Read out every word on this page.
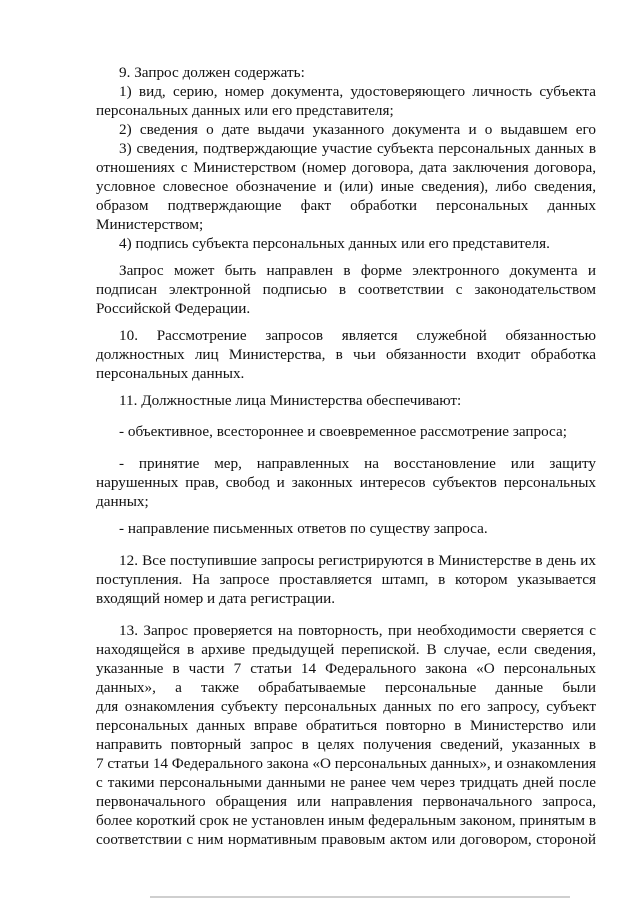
9. Запрос должен содержать:
1) вид, серию, номер документа, удостоверяющего личность субъекта
персональных данных или его представителя;
2) сведения о дате выдачи указанного документа и о выдавшем его
3) сведения, подтверждающие участие субъекта персональных данных в
отношениях с Министерством (номер договора, дата заключения договора,
условное словесное обозначение и (или) иные сведения), либо сведения,
образом подтверждающие факт обработки персональных данных
Министерством;
4) подпись субъекта персональных данных или его представителя.
Запрос может быть направлен в форме электронного документа и
подписан электронной подписью в соответствии с законодательством
Российской Федерации.
10. Рассмотрение запросов является служебной обязанностью
должностных лиц Министерства, в чьи обязанности входит обработка
персональных данных.
11. Должностные лица Министерства обеспечивают:
- объективное, всестороннее и своевременное рассмотрение запроса;
- принятие мер, направленных на восстановление или защиту
нарушенных прав, свобод и законных интересов субъектов персональных
данных;
- направление письменных ответов по существу запроса.
12. Все поступившие запросы регистрируются в Министерстве в день их
поступления. На запросе проставляется штамп, в котором указывается
входящий номер и дата регистрации.
13. Запрос проверяется на повторность, при необходимости сверяется с
находящейся в архиве предыдущей перепиской. В случае, если сведения,
указанные в части 7 статьи 14 Федерального закона «О персональных
данных», а также обрабатываемые персональные данные были
для ознакомления субъекту персональных данных по его запросу, субъект
персональных данных вправе обратиться повторно в Министерство или
направить повторный запрос в целях получения сведений, указанных в
7 статьи 14 Федерального закона «О персональных данных», и ознакомления
с такими персональными данными не ранее чем через тридцать дней после
первоначального обращения или направления первоначального запроса,
более короткий срок не установлен иным федеральным законом, принятым в
соответствии с ним нормативным правовым актом или договором, стороной
